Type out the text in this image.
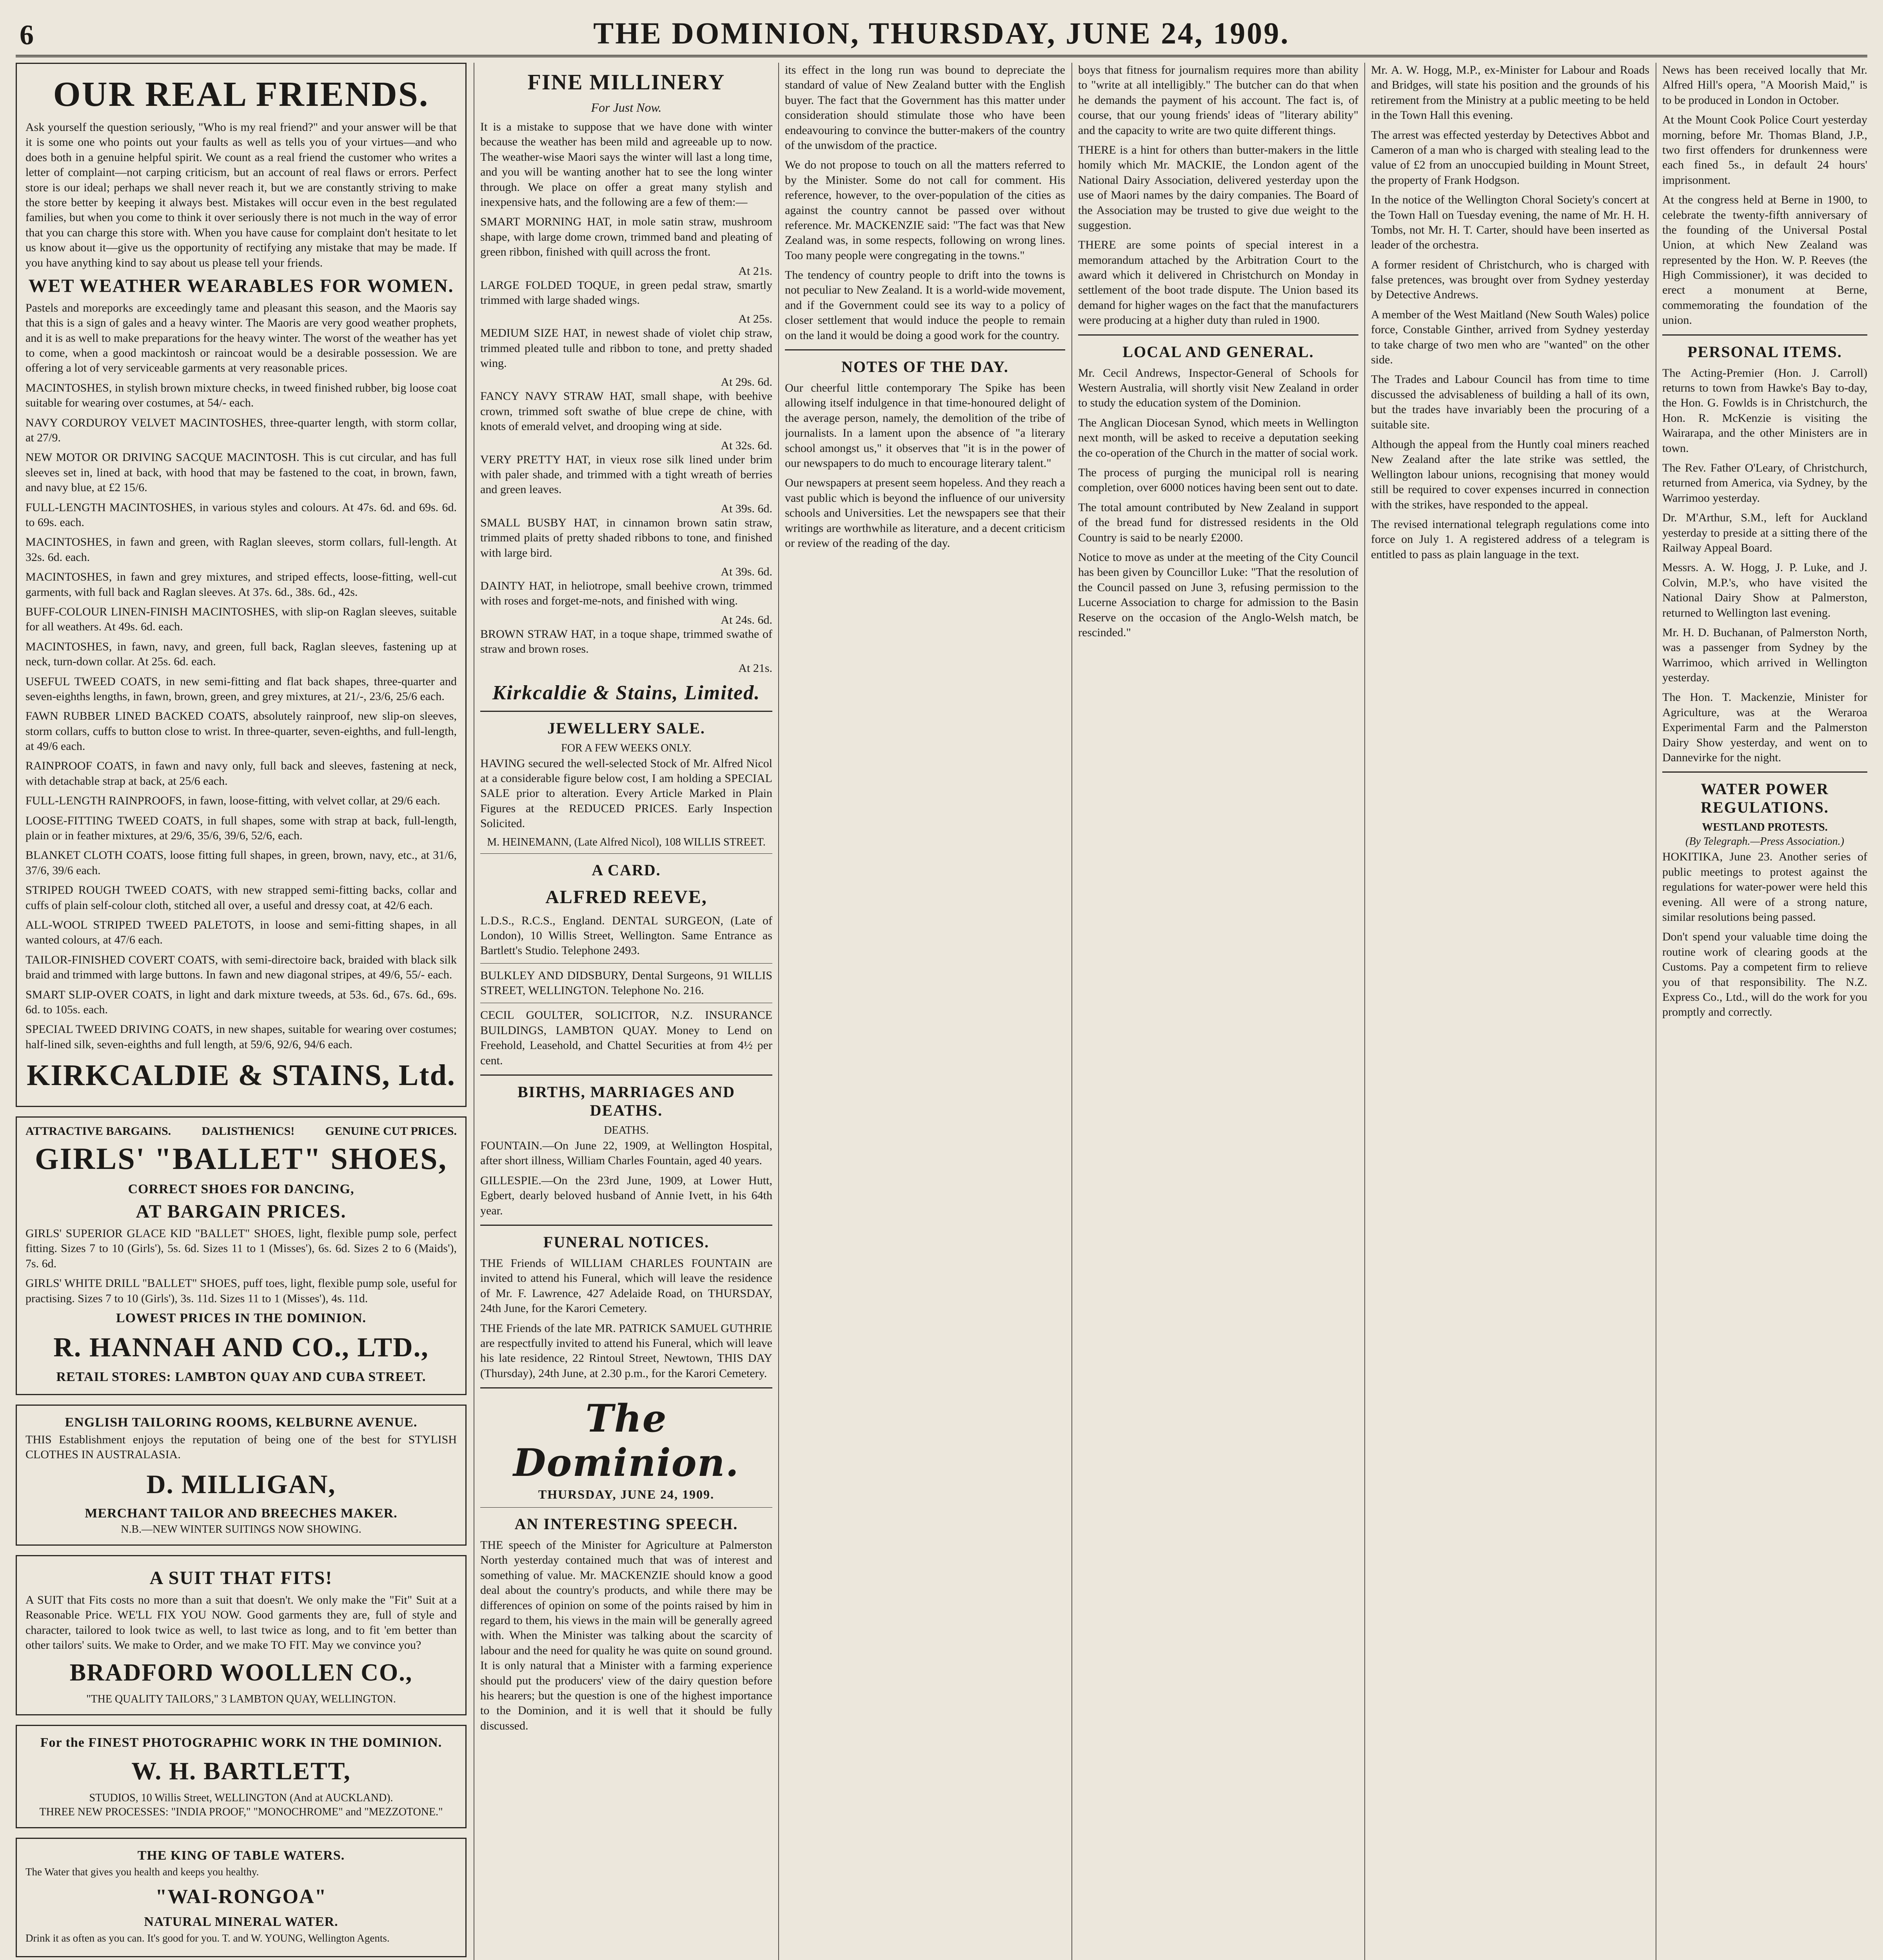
6	THE DOMINION, THURSDAY, JUNE 24, 1909.
OUR REAL FRIENDS.

Ask yourself the question seriously, "Who is my real friend?" and your answer will be that it is some one who points out your faults as well as tells you of your virtues—and who does both in a genuine helpful spirit. We count as a real friend the customer who writes a letter of complaint—not carping criticism, but an account of real flaws or errors. Perfect store is our ideal; perhaps we shall never reach it, but we are constantly striving to make the store better by keeping it always best. Mistakes will occur even in the best regulated families, but when you come to think it over seriously there is not much in the way of error that you can charge this store with. When you have cause for complaint don't hesitate to let us know about it—give us the opportunity of rectifying any mistake that may be made. If you have anything kind to say about us please tell your friends.

WET WEATHER WEARABLES FOR WOMEN.

Pastels and moreporks are exceedingly tame and pleasant this season, and the Maoris say that this is a sign of gales and a heavy winter. The Maoris are very good weather prophets, and it is as well to make preparations for the heavy winter. The worst of the weather has yet to come, when a good mackintosh or raincoat would be a desirable possession. We are offering a lot of very serviceable garments at very reasonable prices.

MACINTOSHES, in stylish brown mixture checks, in tweed finished rubber, big loose coat suitable for wearing over costumes, at 54/- each.

NAVY CORDUROY VELVET MACINTOSHES, three-quarter length, with storm collar, at 27/9.

NEW MOTOR OR DRIVING SACQUE MACINTOSH. This is cut circular, and has full sleeves set in, lined at back, with hood that may be fastened to the coat, in brown, fawn, and navy blue, at £2 15/6.

FULL-LENGTH MACINTOSHES, in various styles and colours. At 47s. 6d. and 69s. 6d. to 69s. each.

MACINTOSHES, in fawn and green, with Raglan sleeves, storm collars, full-length. At 32s. 6d. each.

MACINTOSHES, in fawn and grey mixtures, and striped effects, loose-fitting, well-cut garments, with full back and Raglan sleeves. At 37s. 6d., 38s. 6d., 42s.

BUFF-COLOUR LINEN-FINISH MACINTOSHES, with slip-on Raglan sleeves, suitable for all weathers. At 49s. 6d. each.

MACINTOSHES, in fawn, navy, and green, full back, Raglan sleeves, fastening up at neck, turn-down collar. At 25s. 6d. each.

USEFUL TWEED COATS, in new semi-fitting and flat back shapes, three-quarter and seven-eighths lengths, in fawn, brown, green, and grey mixtures, at 21/-, 23/6, 25/6 each.

FAWN RUBBER LINED BACKED COATS, absolutely rainproof, new slip-on sleeves, storm collars, cuffs to button close to wrist. In three-quarter, seven-eighths, and full-length, at 49/6 each.

RAINPROOF COATS, in fawn and navy only, full back and sleeves, fastening at neck, with detachable strap at back, at 25/6 each.

FULL-LENGTH RAINPROOFS, in fawn, loose-fitting, with velvet collar, at 29/6 each.

LOOSE-FITTING TWEED COATS, in full shapes, some with strap at back, full-length, plain or in feather mixtures, at 29/6, 35/6, 39/6, 52/6, each.

BLANKET CLOTH COATS, loose fitting full shapes, in green, brown, navy, etc., at 31/6, 37/6, 39/6 each.

STRIPED ROUGH TWEED COATS, with new strapped semi-fitting backs, collar and cuffs of plain self-colour cloth, stitched all over, a useful and dressy coat, at 42/6 each.

ALL-WOOL STRIPED TWEED PALETOTS, in loose and semi-fitting shapes, in all wanted colours, at 47/6 each.

TAILOR-FINISHED COVERT COATS, with semi-directoire back, braided with black silk braid and trimmed with large buttons. In fawn and new diagonal stripes, at 49/6, 55/- each.

SMART SLIP-OVER COATS, in light and dark mixture tweeds, at 53s. 6d., 67s. 6d., 69s. 6d. to 105s. each.

SPECIAL TWEED DRIVING COATS, in new shapes, suitable for wearing over costumes; half-lined silk, seven-eighths and full length, at 59/6, 92/6, 94/6 each.

KIRKCALDIE & STAINS, Ltd.
ATTRACTIVE BARGAINS.	DALISTHENICS!	GENUINE CUT PRICES.
GIRLS' "BALLET" SHOES,
CORRECT SHOES FOR DANCING,
AT BARGAIN PRICES.

GIRLS' SUPERIOR GLACE KID "BALLET" SHOES, light, flexible pump sole, perfect fitting. Sizes 7 to 10 (Girls'), 5s. 6d. Sizes 11 to 1 (Misses'), 6s. 6d. Sizes 2 to 6 (Maids'), 7s. 6d.

GIRLS' WHITE DRILL "BALLET" SHOES, puff toes, light, flexible pump sole, useful for practising. Sizes 7 to 10 (Girls'), 3s. 11d. Sizes 11 to 1 (Misses'), 4s. 11d.

LOWEST PRICES IN THE DOMINION.
R. HANNAH AND CO., LTD.,
RETAIL STORES: LAMBTON QUAY AND CUBA STREET.
ENGLISH TAILORING ROOMS, KELBURNE AVENUE.

THIS Establishment enjoys the reputation of being one of the best for STYLISH CLOTHES IN AUSTRALASIA.

D. MILLIGAN,
MERCHANT TAILOR AND BREECHES MAKER.
N.B.—NEW WINTER SUITINGS NOW SHOWING.
A SUIT THAT FITS!

A SUIT that Fits costs no more than a suit that doesn't. We only make the "Fit" Suit at a Reasonable Price. WE'LL FIX YOU NOW. Good garments they are, full of style and character, tailored to look twice as well, to last twice as long, and to fit 'em better than other tailors' suits. We make to Order, and we make TO FIT. May we convince you?

BRADFORD WOOLLEN CO.,
"THE QUALITY TAILORS," 3 LAMBTON QUAY, WELLINGTON.
For the FINEST PHOTOGRAPHIC WORK IN THE DOMINION.
W. H. BARTLETT,
STUDIOS, 10 Willis Street, WELLINGTON (And at AUCKLAND).
THREE NEW PROCESSES: "INDIA PROOF," "MONOCHROME" and "MEZZOTONE."
THE KING OF TABLE WATERS.

The Water that gives you health and keeps you healthy.

"WAI-RONGOA"
NATURAL MINERAL WATER.

Drink it as often as you can. It's good for you. T. and W. YOUNG, Wellington Agents.

FINE MILLINERY
For Just Now.

It is a mistake to suppose that we have done with winter because the weather has been mild and agreeable up to now. The weather-wise Maori says the winter will last a long time, and you will be wanting another hat to see the long winter through. We place on offer a great many stylish and inexpensive hats, and the following are a few of them:—

SMART MORNING HAT, in mole satin straw, mushroom shape, with large dome crown, trimmed band and pleating of green ribbon, finished with quill across the front.

At 21s.

LARGE FOLDED TOQUE, in green pedal straw, smartly trimmed with large shaded wings.

At 25s.

MEDIUM SIZE HAT, in newest shade of violet chip straw, trimmed pleated tulle and ribbon to tone, and pretty shaded wing.

At 29s. 6d.

FANCY NAVY STRAW HAT, small shape, with beehive crown, trimmed soft swathe of blue crepe de chine, with knots of emerald velvet, and drooping wing at side.

At 32s. 6d.

VERY PRETTY HAT, in vieux rose silk lined under brim with paler shade, and trimmed with a tight wreath of berries and green leaves.

At 39s. 6d.

SMALL BUSBY HAT, in cinnamon brown satin straw, trimmed plaits of pretty shaded ribbons to tone, and finished with large bird.

At 39s. 6d.

DAINTY HAT, in heliotrope, small beehive crown, trimmed with roses and forget-me-nots, and finished with wing.

At 24s. 6d.

BROWN STRAW HAT, in a toque shape, trimmed swathe of straw and brown roses.

At 21s.
Kirkcaldie & Stains, Limited.
JEWELLERY SALE.
FOR A FEW WEEKS ONLY.

HAVING secured the well-selected Stock of Mr. Alfred Nicol at a considerable figure below cost, I am holding a SPECIAL SALE prior to alteration. Every Article Marked in Plain Figures at the REDUCED PRICES. Early Inspection Solicited.

M. HEINEMANN, (Late Alfred Nicol), 108 WILLIS STREET.
A CARD.
ALFRED REEVE,

L.D.S., R.C.S., England. DENTAL SURGEON, (Late of London), 10 Willis Street, Wellington. Same Entrance as Bartlett's Studio. Telephone 2493.

BULKLEY AND DIDSBURY, Dental Surgeons, 91 WILLIS STREET, WELLINGTON. Telephone No. 216.

CECIL GOULTER, SOLICITOR, N.Z. INSURANCE BUILDINGS, LAMBTON QUAY. Money to Lend on Freehold, Leasehold, and Chattel Securities at from 4½ per cent.

BIRTHS, MARRIAGES AND DEATHS.
DEATHS.

FOUNTAIN.—On June 22, 1909, at Wellington Hospital, after short illness, William Charles Fountain, aged 40 years.

GILLESPIE.—On the 23rd June, 1909, at Lower Hutt, Egbert, dearly beloved husband of Annie Ivett, in his 64th year.

FUNERAL NOTICES.

THE Friends of WILLIAM CHARLES FOUNTAIN are invited to attend his Funeral, which will leave the residence of Mr. F. Lawrence, 427 Adelaide Road, on THURSDAY, 24th June, for the Karori Cemetery.

THE Friends of the late MR. PATRICK SAMUEL GUTHRIE are respectfully invited to attend his Funeral, which will leave his late residence, 22 Rintoul Street, Newtown, THIS DAY (Thursday), 24th June, at 2.30 p.m., for the Karori Cemetery.

The Dominion.
THURSDAY, JUNE 24, 1909.
AN INTERESTING SPEECH.

THE speech of the Minister for Agriculture at Palmerston North yesterday contained much that was of interest and something of value. Mr. MACKENZIE should know a good deal about the country's products, and while there may be differences of opinion on some of the points raised by him in regard to them, his views in the main will be generally agreed with. When the Minister was talking about the scarcity of labour and the need for quality he was quite on sound ground. It is only natural that a Minister with a farming experience should put the producers' view of the dairy question before his hearers; but the question is one of the highest importance to the Dominion, and it is well that it should be fully discussed.

its effect in the long run was bound to depreciate the standard of value of New Zealand butter with the English buyer. The fact that the Government has this matter under consideration should stimulate those who have been endeavouring to convince the butter-makers of the country of the unwisdom of the practice.

We do not propose to touch on all the matters referred to by the Minister. Some do not call for comment. His reference, however, to the over-population of the cities as against the country cannot be passed over without reference. Mr. MACKENZIE said: "The fact was that New Zealand was, in some respects, following on wrong lines. Too many people were congregating in the towns."

The tendency of country people to drift into the towns is not peculiar to New Zealand. It is a world-wide movement, and if the Government could see its way to a policy of closer settlement that would induce the people to remain on the land it would be doing a good work for the country.

NOTES OF THE DAY.

Our cheerful little contemporary The Spike has been allowing itself indulgence in that time-honoured delight of the average person, namely, the demolition of the tribe of journalists. In a lament upon the absence of "a literary school amongst us," it observes that "it is in the power of our newspapers to do much to encourage literary talent."

Our newspapers at present seem hopeless. And they reach a vast public which is beyond the influence of our university schools and Universities. Let the newspapers see that their writings are worthwhile as literature, and a decent criticism or review of the reading of the day.

boys that fitness for journalism requires more than ability to "write at all intelligibly." The butcher can do that when he demands the payment of his account. The fact is, of course, that our young friends' ideas of "literary ability" and the capacity to write are two quite different things.

THERE is a hint for others than butter-makers in the little homily which Mr. MACKIE, the London agent of the National Dairy Association, delivered yesterday upon the use of Maori names by the dairy companies. The Board of the Association may be trusted to give due weight to the suggestion.

THERE are some points of special interest in a memorandum attached by the Arbitration Court to the award which it delivered in Christchurch on Monday in settlement of the boot trade dispute. The Union based its demand for higher wages on the fact that the manufacturers were producing at a higher duty than ruled in 1900.

LOCAL AND GENERAL.

Mr. Cecil Andrews, Inspector-General of Schools for Western Australia, will shortly visit New Zealand in order to study the education system of the Dominion.

The Anglican Diocesan Synod, which meets in Wellington next month, will be asked to receive a deputation seeking the co-operation of the Church in the matter of social work.

The process of purging the municipal roll is nearing completion, over 6000 notices having been sent out to date.

The total amount contributed by New Zealand in support of the bread fund for distressed residents in the Old Country is said to be nearly £2000.

Notice to move as under at the meeting of the City Council has been given by Councillor Luke: "That the resolution of the Council passed on June 3, refusing permission to the Lucerne Association to charge for admission to the Basin Reserve on the occasion of the Anglo-Welsh match, be rescinded."

Mr. A. W. Hogg, M.P., ex-Minister for Labour and Roads and Bridges, will state his position and the grounds of his retirement from the Ministry at a public meeting to be held in the Town Hall this evening.

The arrest was effected yesterday by Detectives Abbot and Cameron of a man who is charged with stealing lead to the value of £2 from an unoccupied building in Mount Street, the property of Frank Hodgson.

In the notice of the Wellington Choral Society's concert at the Town Hall on Tuesday evening, the name of Mr. H. H. Tombs, not Mr. H. T. Carter, should have been inserted as leader of the orchestra.

A former resident of Christchurch, who is charged with false pretences, was brought over from Sydney yesterday by Detective Andrews.

A member of the West Maitland (New South Wales) police force, Constable Ginther, arrived from Sydney yesterday to take charge of two men who are "wanted" on the other side.

The Trades and Labour Council has from time to time discussed the advisableness of building a hall of its own, but the trades have invariably been the procuring of a suitable site.

Although the appeal from the Huntly coal miners reached New Zealand after the late strike was settled, the Wellington labour unions, recognising that money would still be required to cover expenses incurred in connection with the strikes, have responded to the appeal.

The revised international telegraph regulations come into force on July 1. A registered address of a telegram is entitled to pass as plain language in the text.

News has been received locally that Mr. Alfred Hill's opera, "A Moorish Maid," is to be produced in London in October.

At the Mount Cook Police Court yesterday morning, before Mr. Thomas Bland, J.P., two first offenders for drunkenness were each fined 5s., in default 24 hours' imprisonment.

At the congress held at Berne in 1900, to celebrate the twenty-fifth anniversary of the founding of the Universal Postal Union, at which New Zealand was represented by the Hon. W. P. Reeves (the High Commissioner), it was decided to erect a monument at Berne, commemorating the foundation of the union.

PERSONAL ITEMS.

The Acting-Premier (Hon. J. Carroll) returns to town from Hawke's Bay to-day, the Hon. G. Fowlds is in Christchurch, the Hon. R. McKenzie is visiting the Wairarapa, and the other Ministers are in town.

The Rev. Father O'Leary, of Christchurch, returned from America, via Sydney, by the Warrimoo yesterday.

Dr. M'Arthur, S.M., left for Auckland yesterday to preside at a sitting there of the Railway Appeal Board.

Messrs. A. W. Hogg, J. P. Luke, and J. Colvin, M.P.'s, who have visited the National Dairy Show at Palmerston, returned to Wellington last evening.

Mr. H. D. Buchanan, of Palmerston North, was a passenger from Sydney by the Warrimoo, which arrived in Wellington yesterday.

The Hon. T. Mackenzie, Minister for Agriculture, was at the Weraroa Experimental Farm and the Palmerston Dairy Show yesterday, and went on to Dannevirke for the night.

WATER POWER REGULATIONS.
WESTLAND PROTESTS.
(By Telegraph.—Press Association.)

HOKITIKA, June 23. Another series of public meetings to protest against the regulations for water-power were held this evening. All were of a strong nature, similar resolutions being passed.

Don't spend your valuable time doing the routine work of clearing goods at the Customs. Pay a competent firm to relieve you of that responsibility. The N.Z. Express Co., Ltd., will do the work for you promptly and correctly.
